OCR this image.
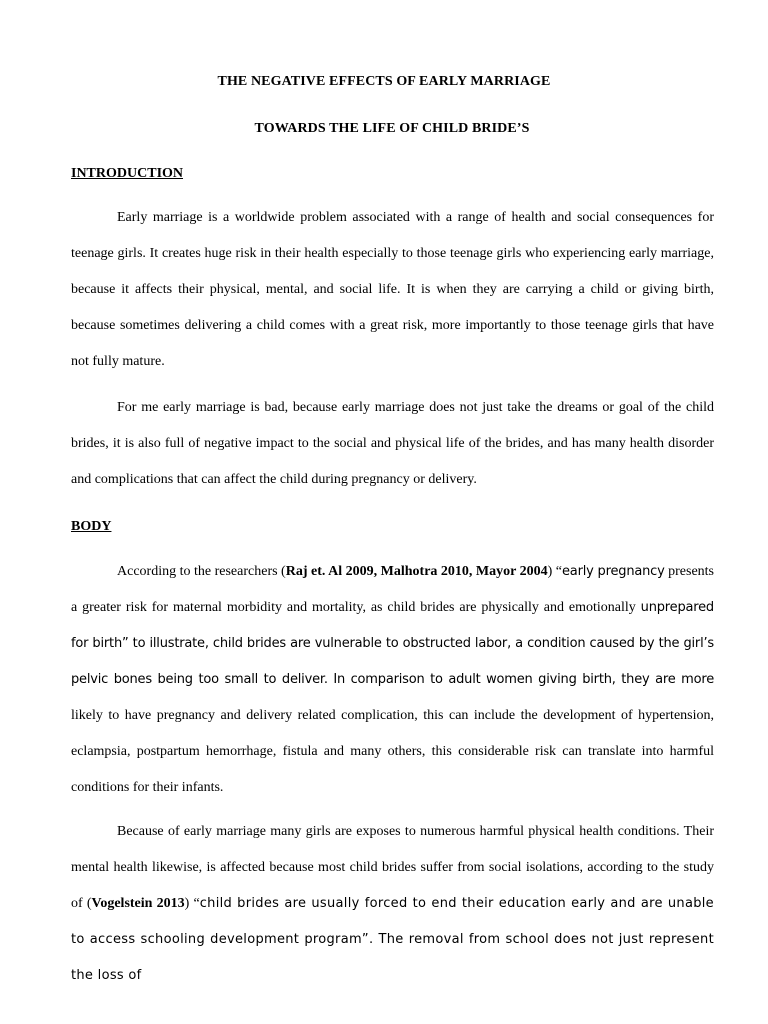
THE NEGATIVE EFFECTS OF EARLY MARRIAGE
TOWARDS THE LIFE OF CHILD BRIDE’S
INTRODUCTION

Early marriage is a worldwide problem associated with a range of health and social consequences for teenage girls. It creates huge risk in their health especially to those teenage girls who experiencing early marriage, because it affects their physical, mental, and social life. It is when they are carrying a child or giving birth, because sometimes delivering a child comes with a great risk, more importantly to those teenage girls that have not fully mature.

For me early marriage is bad, because early marriage does not just take the dreams or goal of the child brides, it is also full of negative impact to the social and physical life of the brides, and has many health disorder and complications that can affect the child during pregnancy or delivery.

BODY

According to the researchers (Raj et. Al 2009, Malhotra 2010, Mayor 2004) “early pregnancy presents a greater risk for maternal morbidity and mortality, as child brides are physically and emotionally unprepared for birth” to illustrate, child brides are vulnerable to obstructed labor, a condition caused by the girl’s pelvic bones being too small to deliver. In comparison to adult women giving birth, they are more likely to have pregnancy and delivery related complication, this can include the development of hypertension, eclampsia, postpartum hemorrhage, fistula and many others, this considerable risk can translate into harmful conditions for their infants.

Because of early marriage many girls are exposes to numerous harmful physical health conditions. Their mental health likewise, is affected because most child brides suffer from social isolations, according to the study of (Vogelstein 2013) “child brides are usually forced to end their education early and are unable to access schooling development program”. The removal from school does not just represent the loss of
